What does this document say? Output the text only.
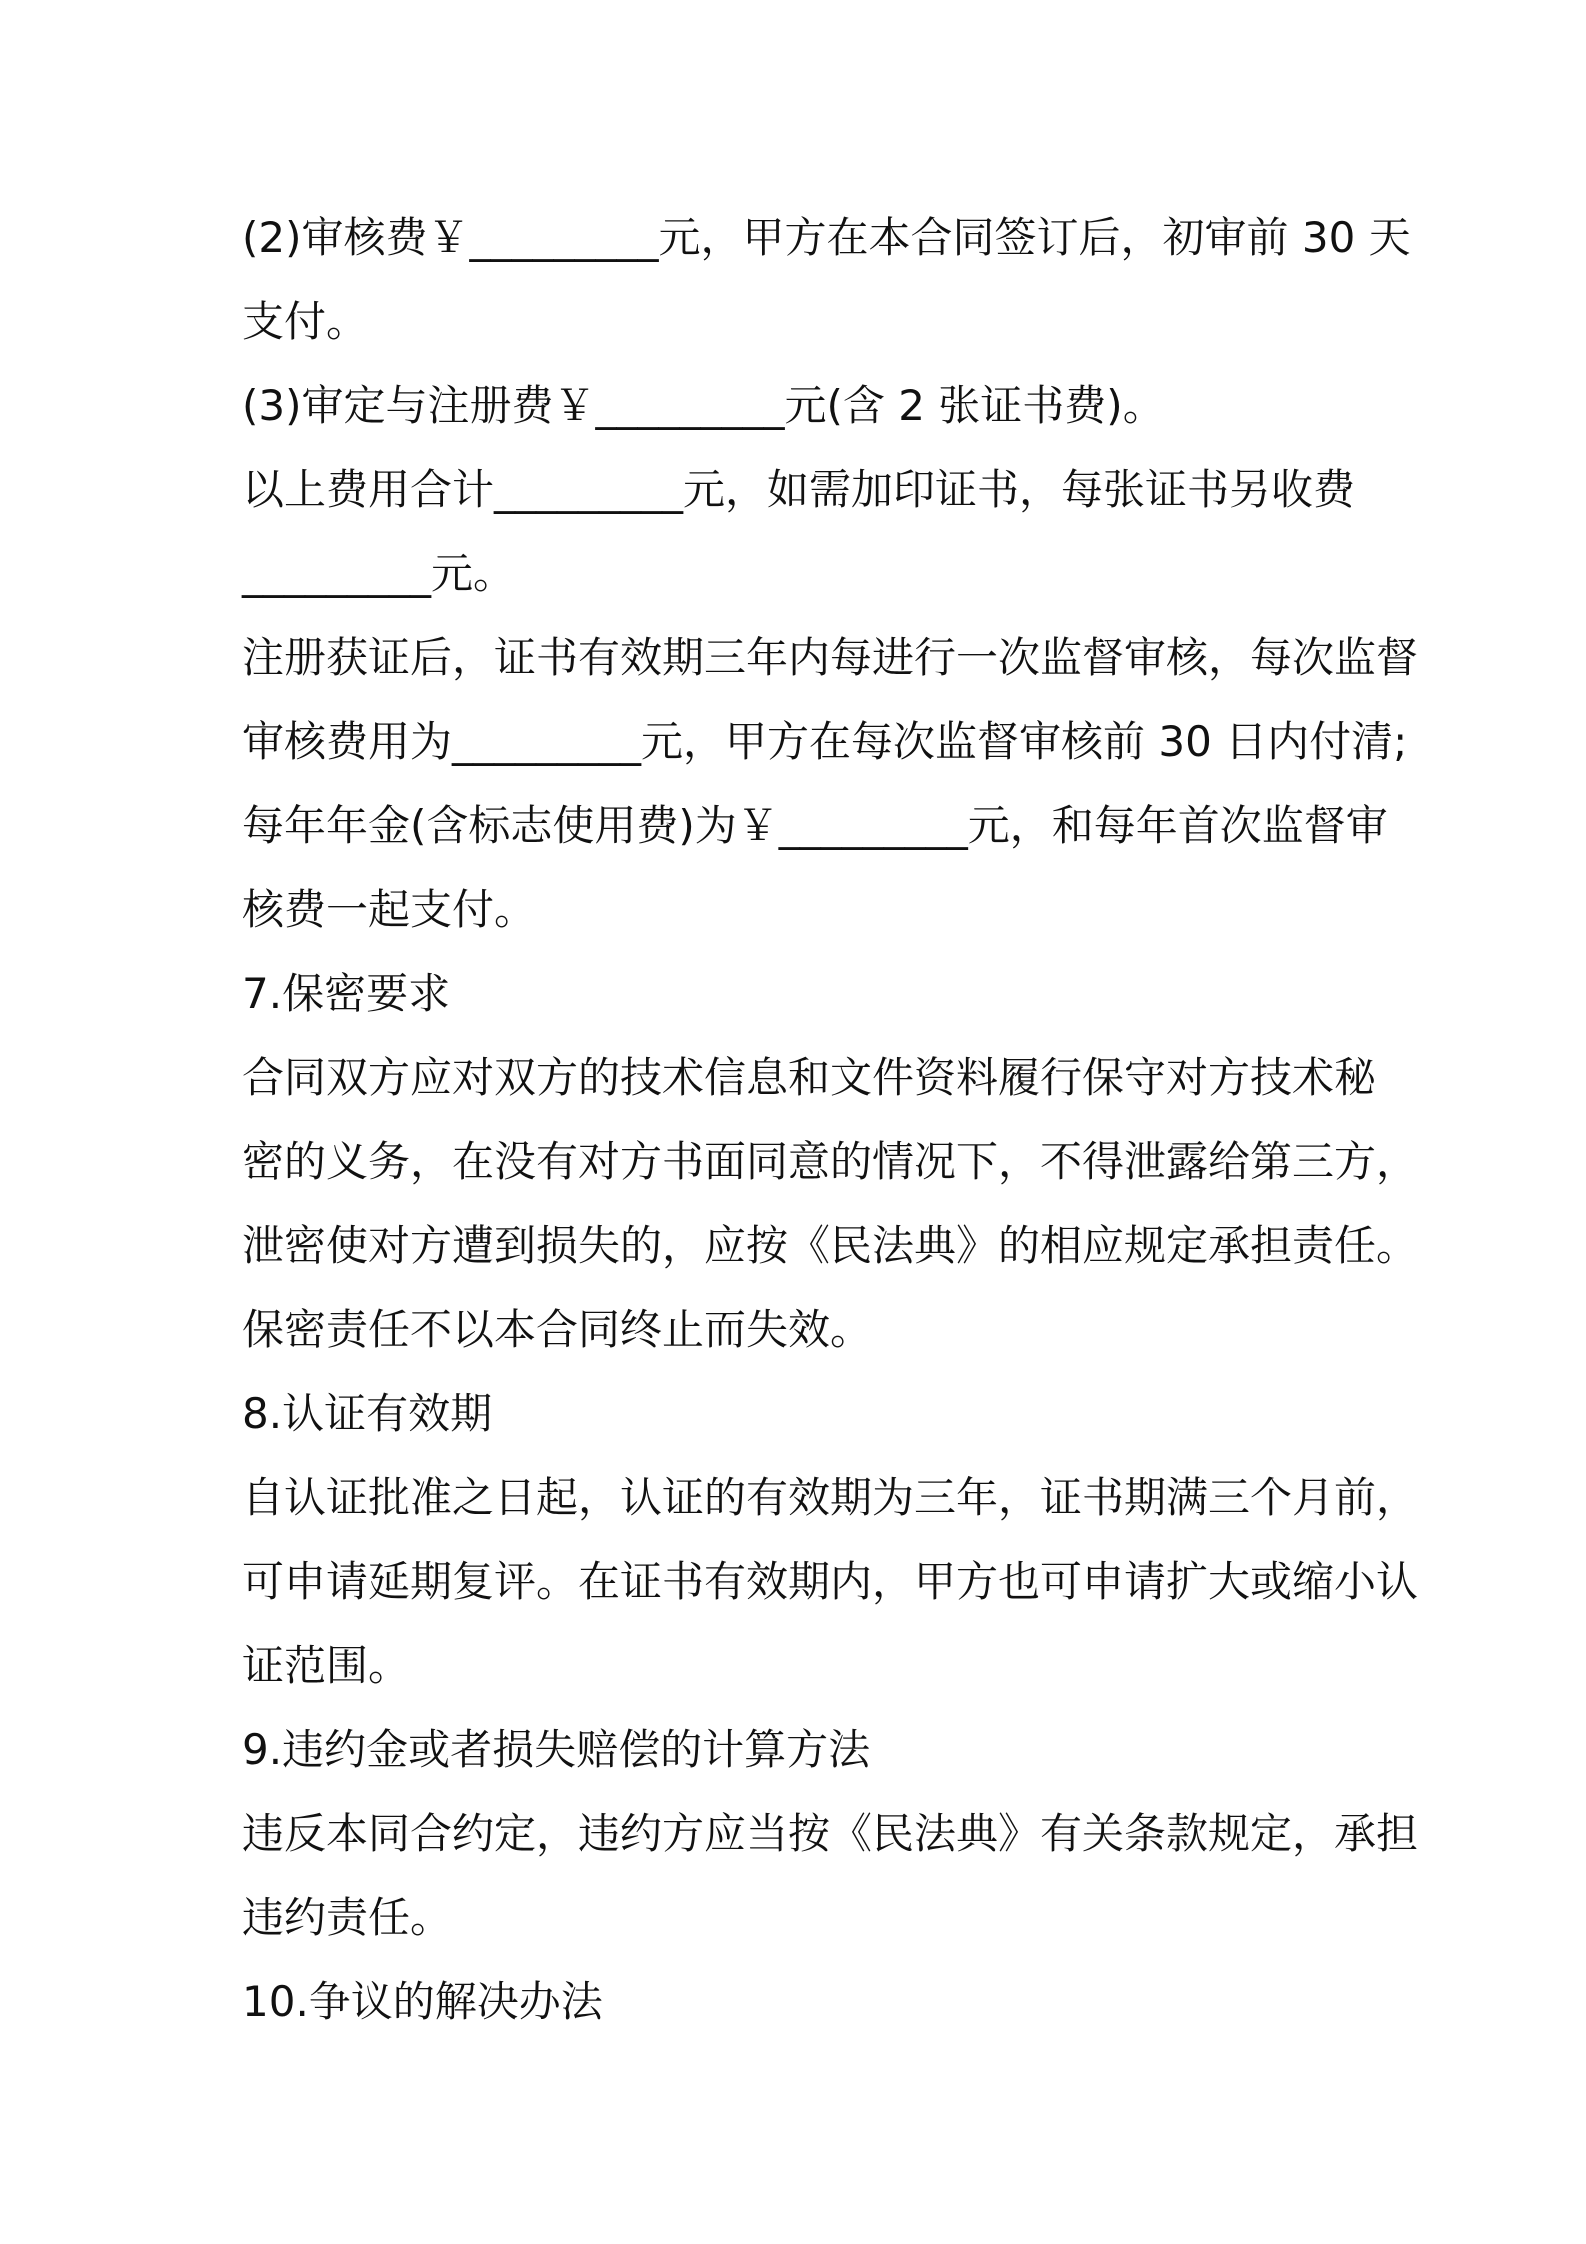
(2)审核费￥_________元，甲方在本合同签订后，初审前 30 天
支付。
(3)审定与注册费￥_________元(含 2 张证书费)。
以上费用合计_________元，如需加印证书，每张证书另收费
_________元。
注册获证后，证书有效期三年内每进行一次监督审核，每次监督
审核费用为_________元，甲方在每次监督审核前 30 日内付清;
每年年金(含标志使用费)为￥_________元，和每年首次监督审
核费一起支付。
7.保密要求
合同双方应对双方的技术信息和文件资料履行保守对方技术秘
密的义务，在没有对方书面同意的情况下，不得泄露给第三方，
泄密使对方遭到损失的，应按《民法典》的相应规定承担责任。
保密责任不以本合同终止而失效。
8.认证有效期
自认证批准之日起，认证的有效期为三年，证书期满三个月前，
可申请延期复评。在证书有效期内，甲方也可申请扩大或缩小认
证范围。
9.违约金或者损失赔偿的计算方法
违反本同合约定，违约方应当按《民法典》有关条款规定，承担
违约责任。
10.争议的解决办法
